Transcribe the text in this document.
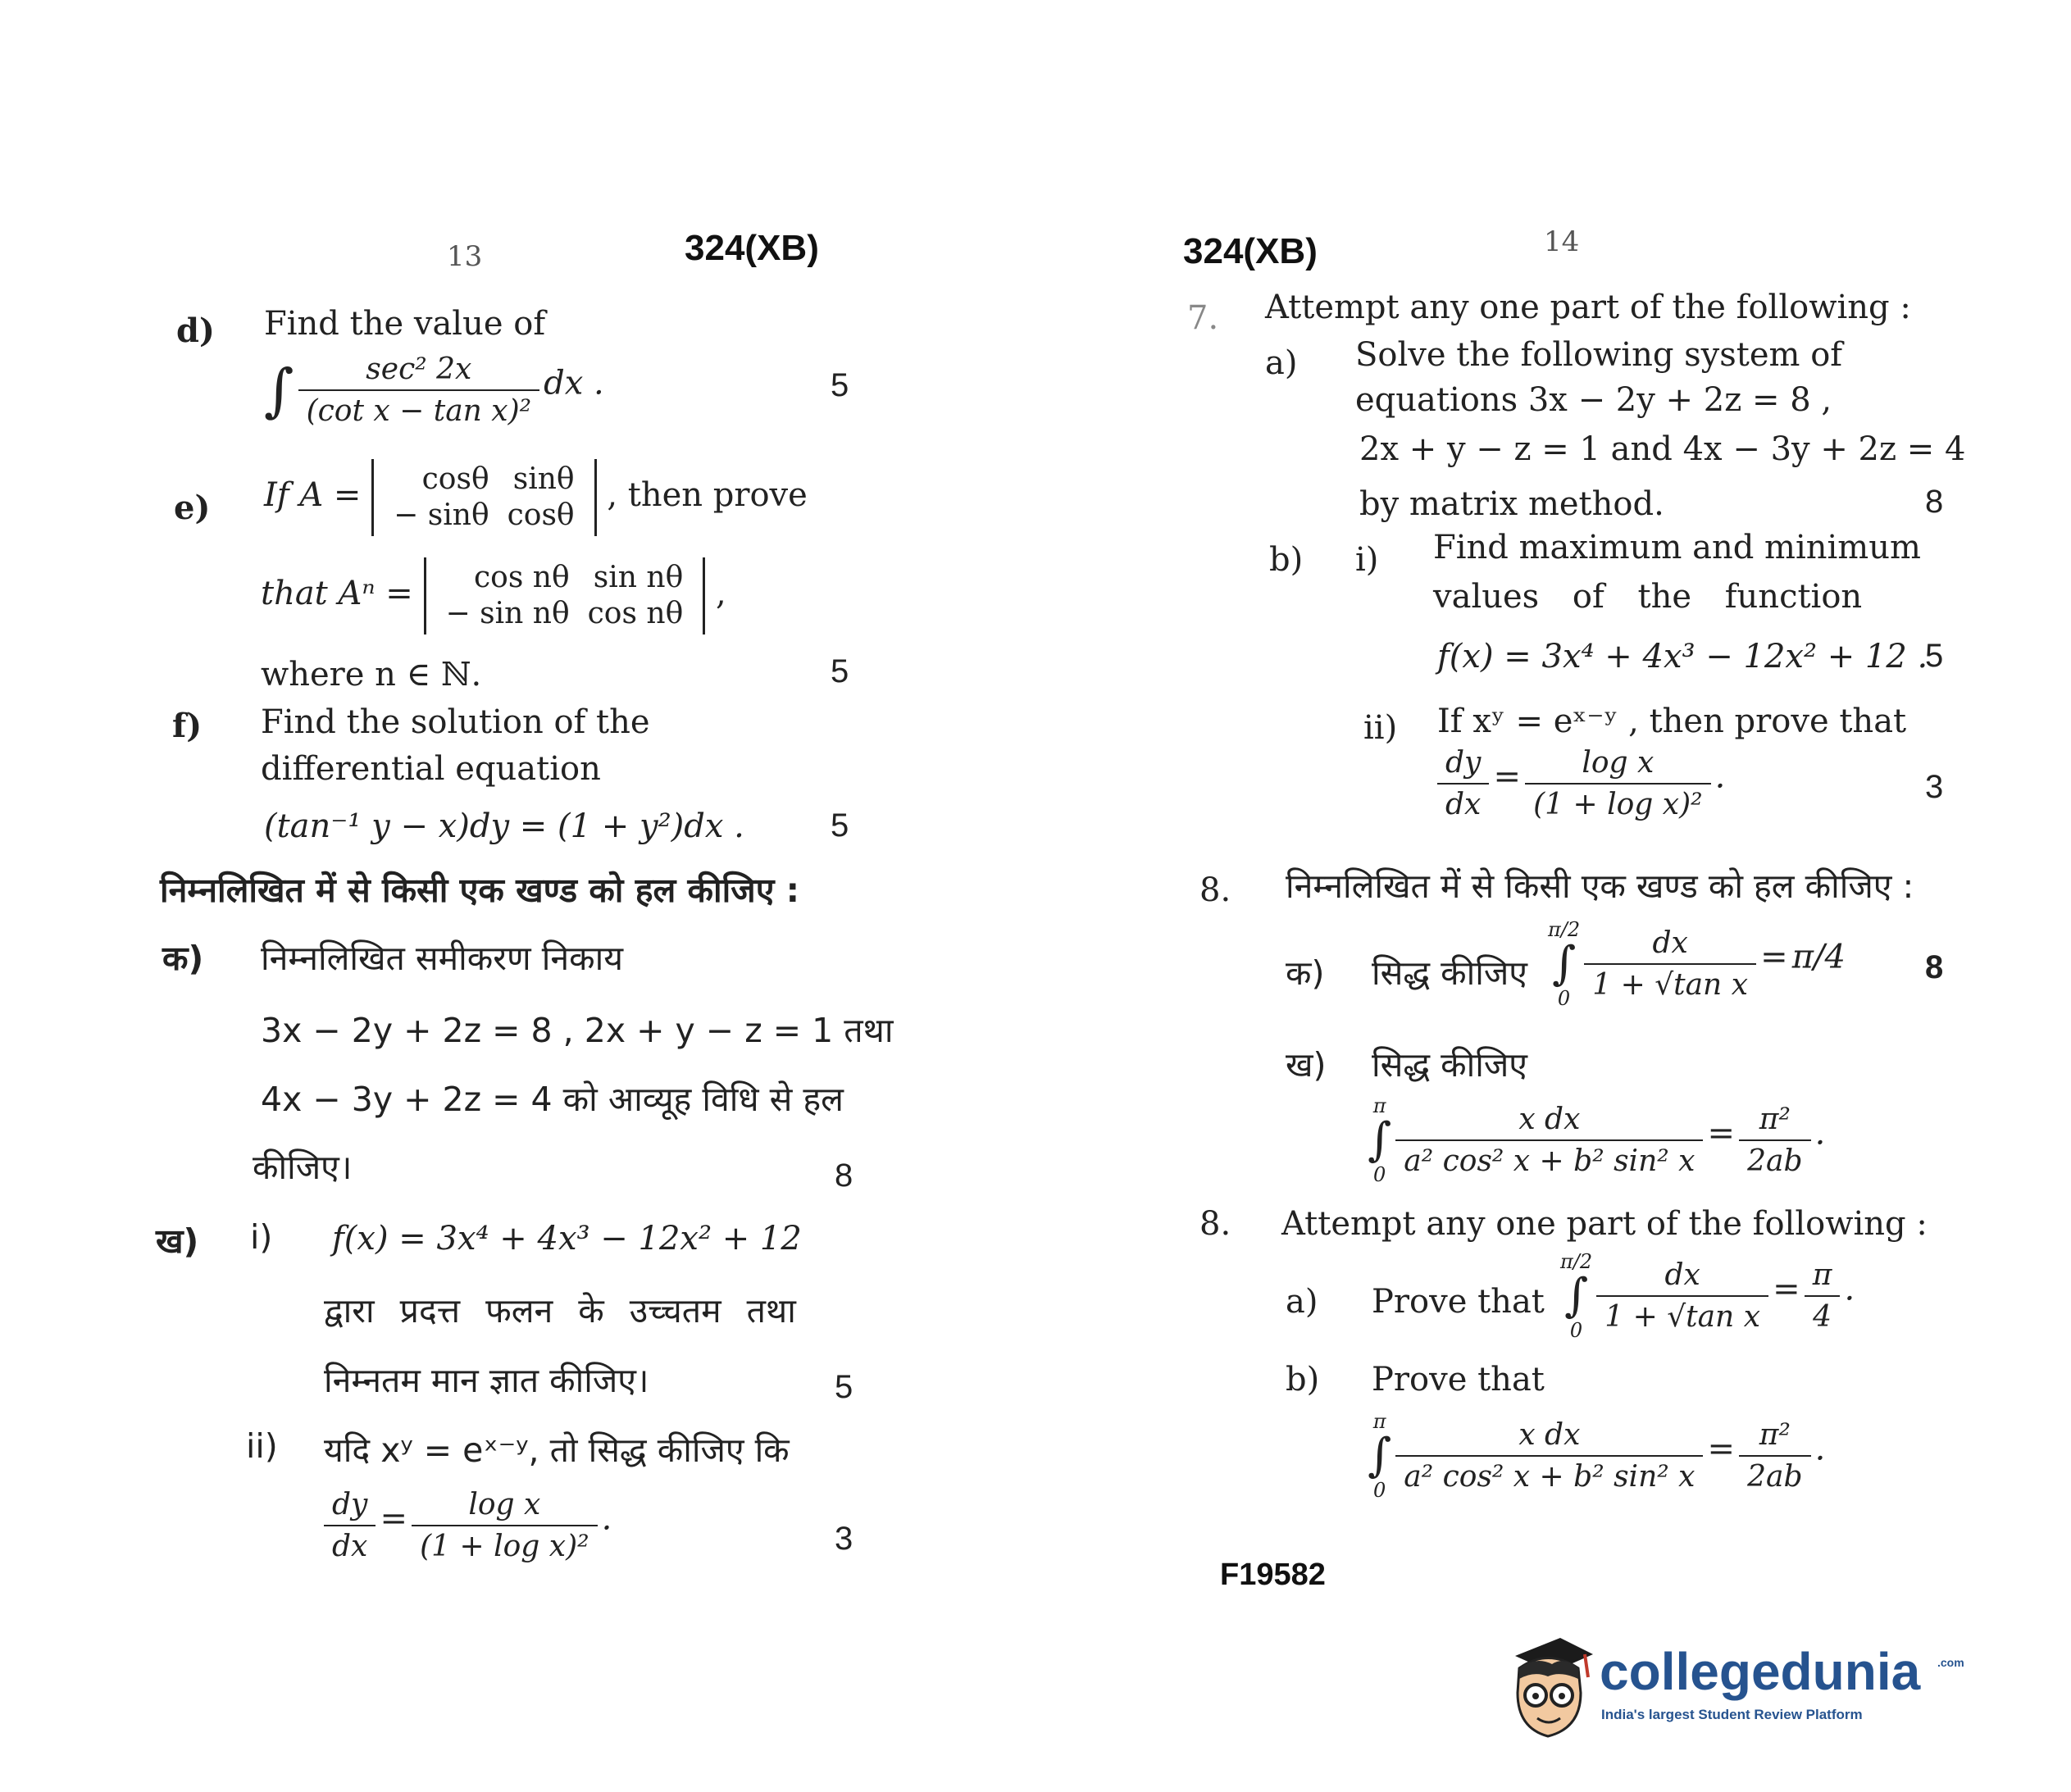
13	324(XB)
d) Find the value of
∫ $\frac{\text{sec² 2x}}{\text{(cot x − tan x)²}}$ dx .	5
e) If A = cosθ	sinθ
− sinθ	cosθ , then prove
that Aⁿ = cos nθ	sin nθ
− sin nθ	cos nθ ,
where n ∈ ℕ.	5
f) Find the solution of the
differential equation
(tan⁻¹ y − x)dy = (1 + y²)dx .	5
निम्नलिखित में से किसी एक खण्ड को हल कीजिए :
क) निम्नलिखित समीकरण निकाय
3x − 2y + 2z = 8 , 2x + y − z = 1 तथा
4x − 3y + 2z = 4 को आव्यूह विधि से हल
कीजिए।	8
ख) i) f(x) = 3x⁴ + 4x³ − 12x² + 12
द्वारा प्रदत्त फलन के उच्चतम तथा
निम्नतम मान ज्ञात कीजिए।	5
ii) यदि xʸ = eˣ⁻ʸ, तो सिद्ध कीजिए कि
$\frac{dy}{dx} = \frac{\text{log x}}{\text{(1 + log x)²}}$ .
3
324(XB)	14
7. Attempt any one part of the following :
a) Solve the following system of
equations 3x − 2y + 2z = 8 ,
2x + y − z = 1 and 4x − 3y + 2z = 4
by matrix method.	8
b) i) Find maximum and minimum
values of the function
f(x) = 3x⁴ + 4x³ − 12x² + 12 .
5
ii) If xʸ = eˣ⁻ʸ , then prove that
$\frac{dy}{dx} = \frac{\text{log x}}{\text{(1 + log x)²}}$ .	3
8. निम्नलिखित में से किसी एक खण्ड को हल कीजिए :
क) सिद्ध कीजिए
π/2
∫
0
$\frac{dx}{\text{1 + √tan x}} = \pi/4$ 8
ख) सिद्ध कीजिए
π
∫
0
$\frac{\text{x dx}}{\text{a² cos² x + b² sin² x}} = \frac{\text{π²}}{2ab}$ .
8. Attempt any one part of the following :
a) Prove that
π/2
∫
0
$\frac{dx}{\text{1 + √tan x}} = \frac{\pi}{4}$ .
b) Prove that
π
∫
0
$\frac{\text{x dx}}{\text{a² cos² x + b² sin² x}} = \frac{\text{π²}}{2ab}$ .
F19582
collegedunia .com
India's largest Student Review Platform
